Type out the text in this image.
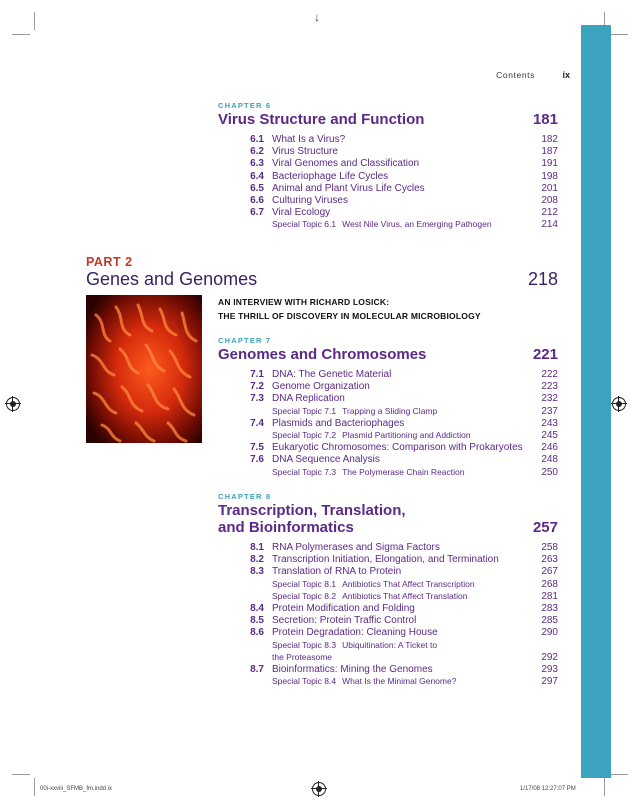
↓
Contents	ix
CHAPTER 6
Virus Structure and Function	181
6.1 What Is a Virus?	182
6.2 Virus Structure	187
6.3 Viral Genomes and Classification	191
6.4 Bacteriophage Life Cycles	198
6.5 Animal and Plant Virus Life Cycles	201
6.6 Culturing Viruses	208
6.7 Viral Ecology	212
Special Topic 6.1 West Nile Virus, an Emerging Pathogen	214
PART 2
Genes and Genomes	218
AN INTERVIEW WITH RICHARD LOSICK:
THE THRILL OF DISCOVERY IN MOLECULAR MICROBIOLOGY
CHAPTER 7
Genomes and Chromosomes	221
7.1 DNA: The Genetic Material	222
7.2 Genome Organization	223
7.3 DNA Replication	232
Special Topic 7.1 Trapping a Sliding Clamp	237
7.4 Plasmids and Bacteriophages	243
Special Topic 7.2 Plasmid Partitioning and Addiction	245
7.5 Eukaryotic Chromosomes: Comparison with Prokaryotes 246
7.6 DNA Sequence Analysis	248
Special Topic 7.3 The Polymerase Chain Reaction	250
CHAPTER 8
Transcription, Translation,
and Bioinformatics	257
8.1 RNA Polymerases and Sigma Factors	258
8.2 Transcription Initiation, Elongation, and Termination	263
8.3 Translation of RNA to Protein	267
Special Topic 8.1 Antibiotics That Affect Transcription	268
Special Topic 8.2 Antibiotics That Affect Translation	281
8.4 Protein Modification and Folding	283
8.5 Secretion: Protein Traffic Control	285
8.6 Protein Degradation: Cleaning House	290
Special Topic 8.3 Ubiquitination: A Ticket to
the Proteasome	292
8.7 Bioinformatics: Mining the Genomes	293
Special Topic 8.4 What Is the Minimal Genome?	297
00i-xxviii_SFMB_fm.indd ix	1/17/08 12:27:07 PM
